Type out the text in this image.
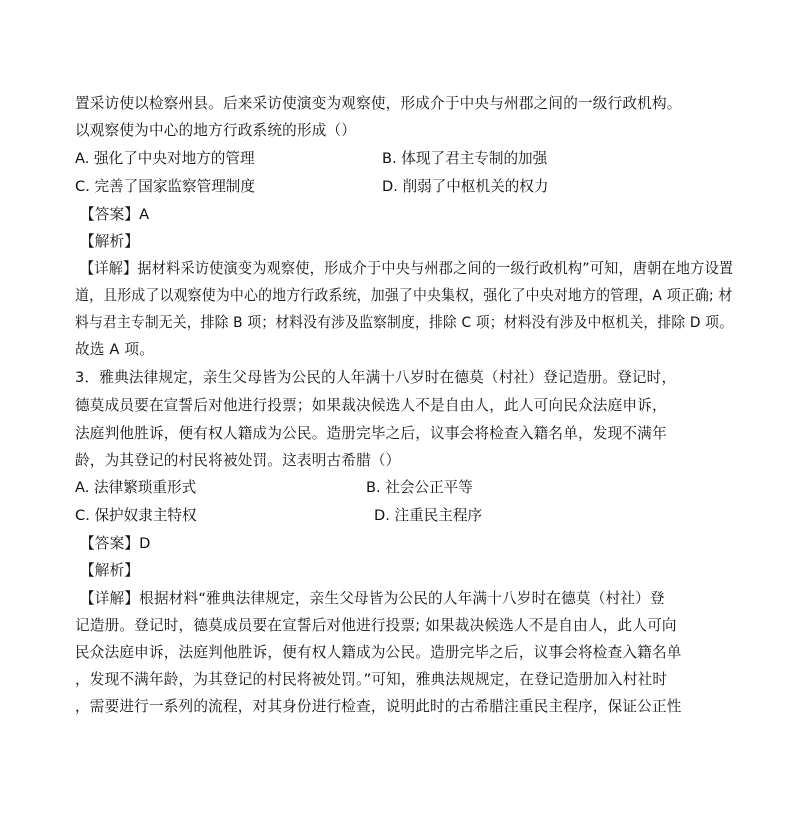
置采访使以检察州县。后来采访使演变为观察使，形成介于中央与州郡之间的一级行政机构。
以观察使为中心的地方行政系统的形成（）
A. 强化了中央对地方的管理	B. 体现了君主专制的加强
C. 完善了国家监察管理制度	D. 削弱了中枢机关的权力
【答案】A
【解析】
【详解】据材料采访使演变为观察使，形成介于中央与州郡之间的一级行政机构”可知，唐朝在地方设置
道，且形成了以观察使为中心的地方行政系统，加强了中央集权，强化了中央对地方的管理，A 项正确; 材
料与君主专制无关，排除 B 项；材料没有涉及监察制度，排除 C 项；材料没有涉及中枢机关，排除 D 项。
故选 A 项。
3．雅典法律规定，亲生父母皆为公民的人年满十八岁时在德莫（村社）登记造册。登记时，
德莫成员要在宣誓后对他进行投票；如果裁决候选人不是自由人，此人可向民众法庭申诉，
法庭判他胜诉，便有权人籍成为公民。造册完毕之后，议事会将检查入籍名单，发现不满年
龄，为其登记的村民将被处罚。这表明古希腊（）
A. 法律繁琐重形式	B. 社会公正平等
C. 保护奴隶主特权	D. 注重民主程序
【答案】D
【解析】
【详解】根据材料“雅典法律规定，亲生父母皆为公民的人年满十八岁时在德莫（村社）登
记造册。登记时，德莫成员要在宣誓后对他进行投票; 如果裁决候选人不是自由人，此人可向
民众法庭申诉，法庭判他胜诉，便有权人籍成为公民。造册完毕之后，议事会将检查入籍名单
，发现不满年龄，为其登记的村民将被处罚。”可知，雅典法规规定，在登记造册加入村社时
，需要进行一系列的流程，对其身份进行检查，说明此时的古希腊注重民主程序，保证公正性
